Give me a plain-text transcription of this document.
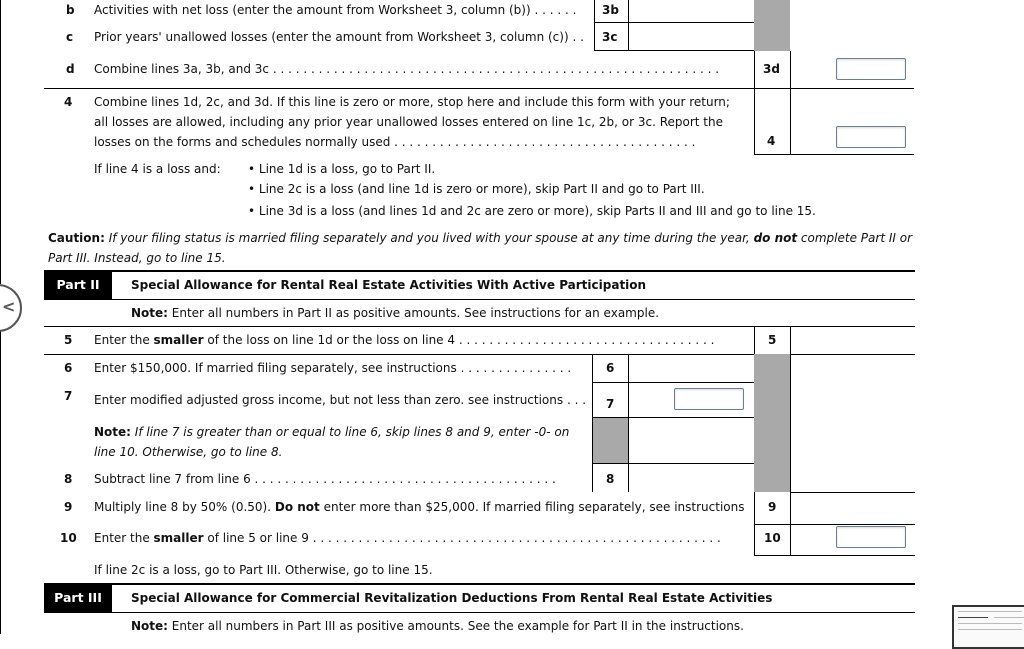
b Activities with net loss (enter the amount from Worksheet 3, column (b)) . . . . . . 3b
c Prior years' unallowed losses (enter the amount from Worksheet 3, column (c)) . . 3c
d Combine lines 3a, 3b, and 3c . . . . . . . . . . . . . . . . . . . . . . . . . . . . . . . . . . . . . . . . . . . . . . . . . . . . . . . . . . .	3d
4 Combine lines 1d, 2c, and 3d. If this line is zero or more, stop here and include this form with your return;
all losses are allowed, including any prior year unallowed losses entered on line 1c, 2b, or 3c. Report the
losses on the forms and schedules normally used . . . . . . . . . . . . . . . . . . . . . . . . . . . . . . . . . . . . . . . .	4
If line 4 is a loss and: • Line 1d is a loss, go to Part II.
• Line 2c is a loss (and line 1d is zero or more), skip Part II and go to Part III.
• Line 3d is a loss (and lines 1d and 2c are zero or more), skip Parts II and III and go to line 15.
Caution: If your filing status is married filing separately and you lived with your spouse at any time during the year, do not complete Part II or
Part III. Instead, go to line 15.
Part II	Special Allowance for Rental Real Estate Activities With Active Participation
Note: Enter all numbers in Part II as positive amounts. See instructions for an example.
5 Enter the smaller of the loss on line 1d or the loss on line 4 . . . . . . . . . . . . . . . . . . . . . . . . . . . . . . . . . .	5
6 Enter $150,000. If married filing separately, see instructions . . . . . . . . . . . . . . .	6
7 Enter modified adjusted gross income, but not less than zero. see instructions . . . 7
Note: If line 7 is greater than or equal to line 6, skip lines 8 and 9, enter -0- on
line 10. Otherwise, go to line 8.
8 Subtract line 7 from line 6 . . . . . . . . . . . . . . . . . . . . . . . . . . . . . . . . . . . . . . . .	8
9 Multiply line 8 by 50% (0.50). Do not enter more than $25,000. If married filing separately, see instructions 9
10 Enter the smaller of line 5 or line 9 . . . . . . . . . . . . . . . . . . . . . . . . . . . . . . . . . . . . . . . . . . . . . . . . . . . . . .	10
If line 2c is a loss, go to Part III. Otherwise, go to line 15.
Part III	Special Allowance for Commercial Revitalization Deductions From Rental Real Estate Activities
Note: Enter all numbers in Part III as positive amounts. See the example for Part II in the instructions.
<
